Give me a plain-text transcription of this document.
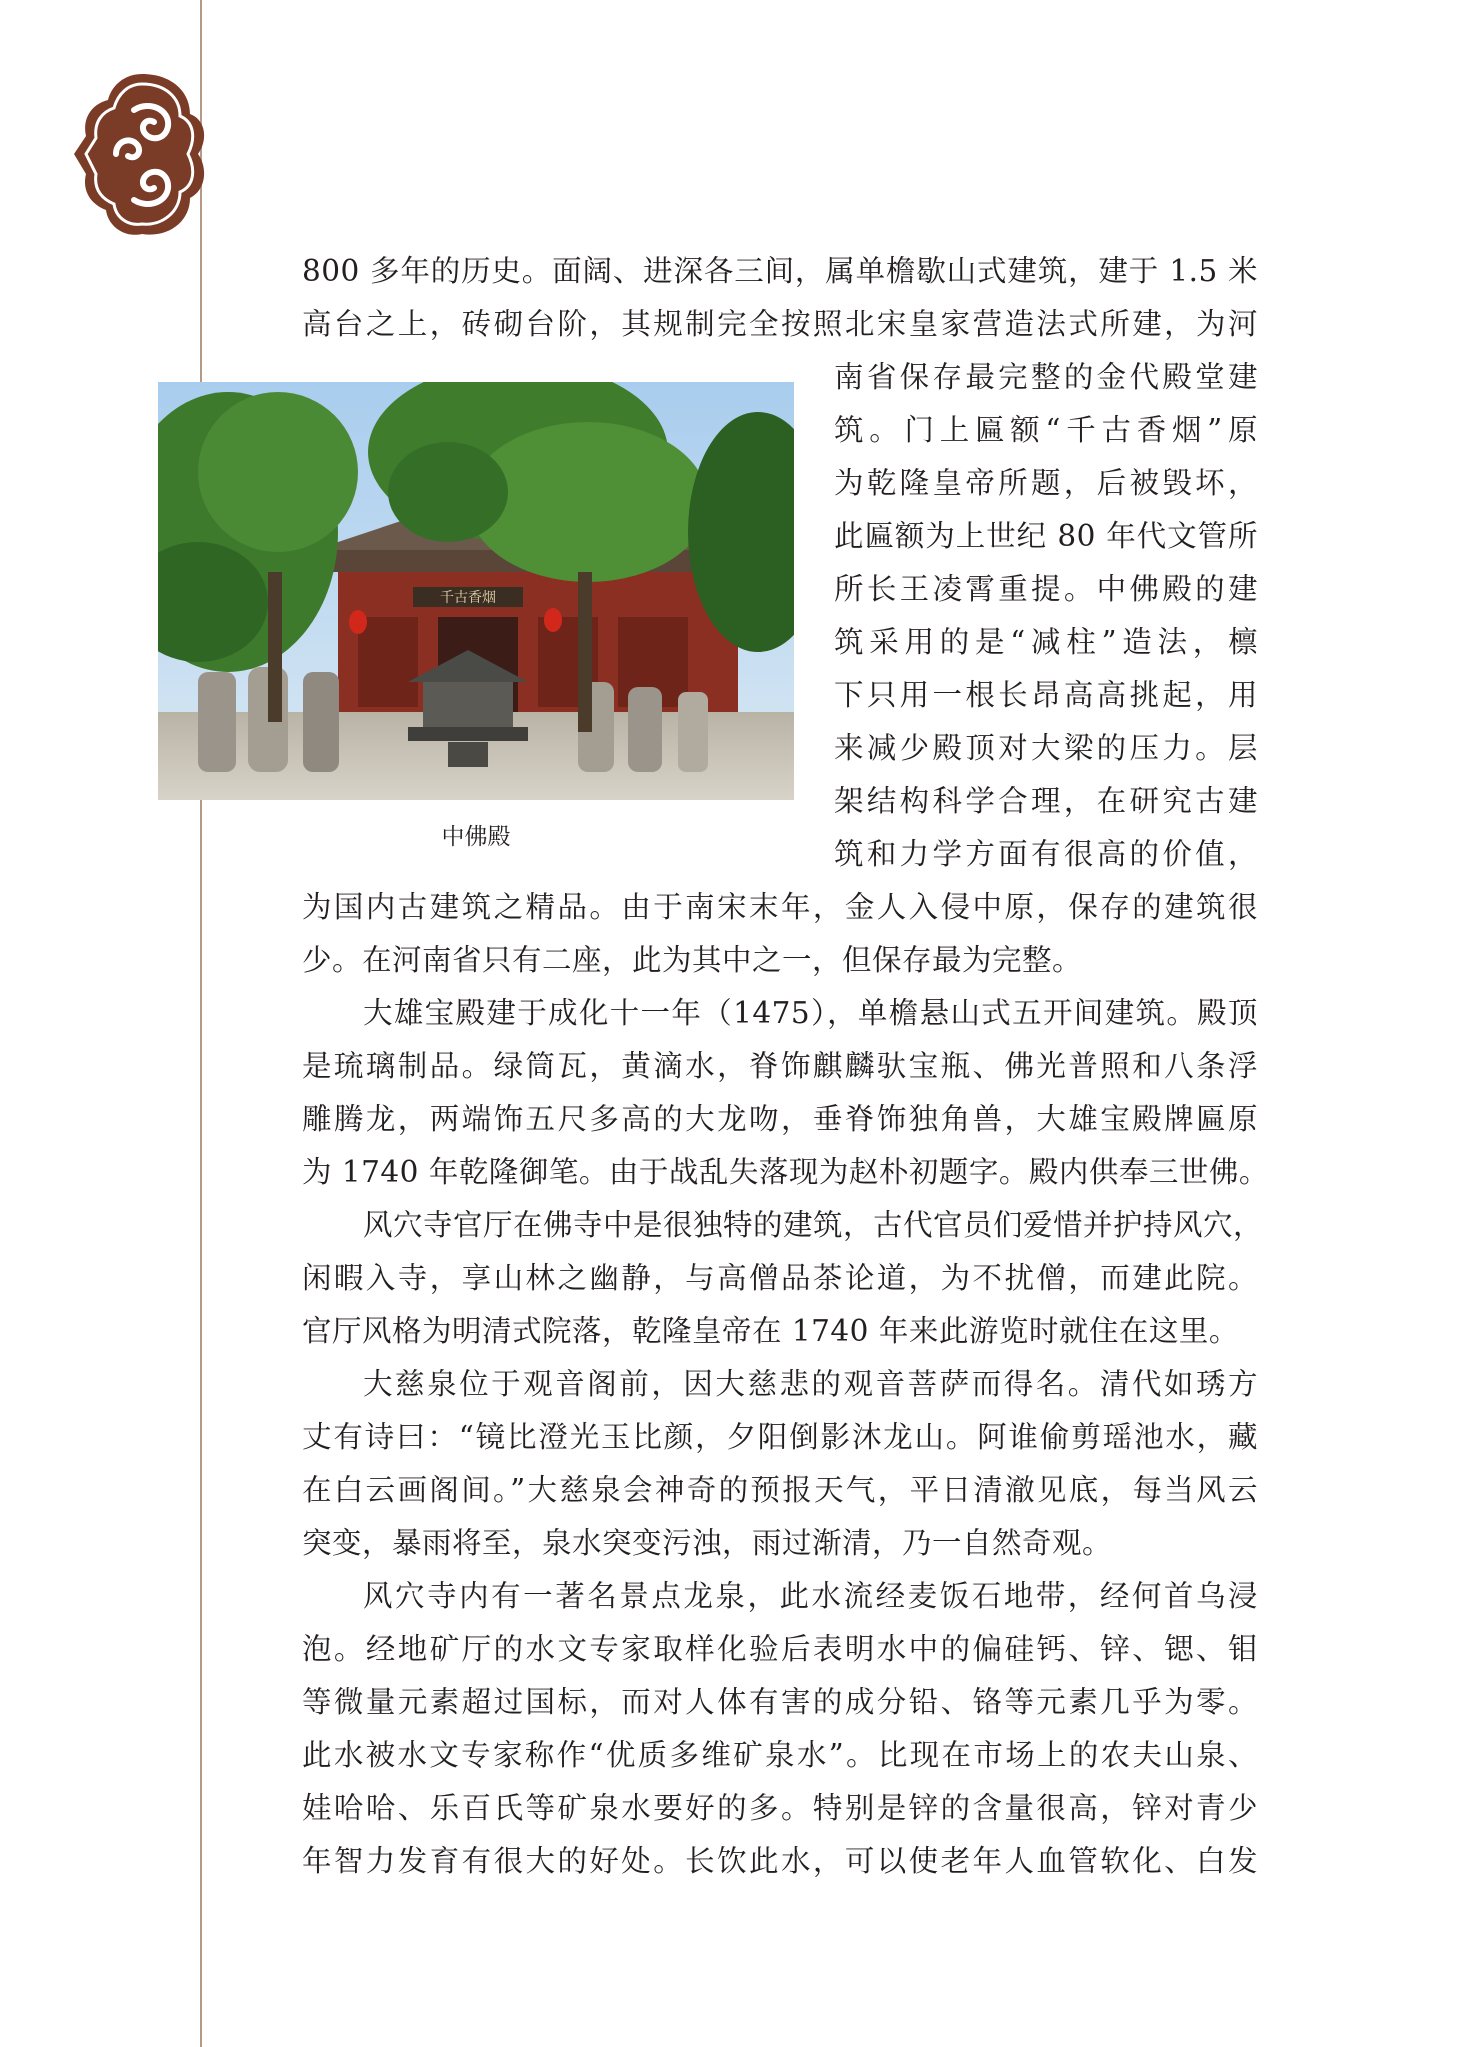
800 多年的历史。面阔、进深各三间，属单檐歇山式建筑，建于 1.5 米
高台之上，砖砌台阶，其规制完全按照北宋皇家营造法式所建，为河
南省保存最完整的金代殿堂建
筑。门上匾额“千古香烟”原
为乾隆皇帝所题，后被毁坏，
此匾额为上世纪 80 年代文管所
所长王凌霄重提。中佛殿的建
筑采用的是“减柱”造法，檩
下只用一根长昂高高挑起，用
来减少殿顶对大梁的压力。层
架结构科学合理，在研究古建
筑和力学方面有很高的价值，
为国内古建筑之精品。由于南宋末年，金人入侵中原，保存的建筑很
少。在河南省只有二座，此为其中之一，但保存最为完整。
大雄宝殿建于成化十一年（1475），单檐悬山式五开间建筑。殿顶
是琉璃制品。绿筒瓦，黄滴水，脊饰麒麟驮宝瓶、佛光普照和八条浮
雕腾龙，两端饰五尺多高的大龙吻，垂脊饰独角兽，大雄宝殿牌匾原
为 1740 年乾隆御笔。由于战乱失落现为赵朴初题字。殿内供奉三世佛。
风穴寺官厅在佛寺中是很独特的建筑，古代官员们爱惜并护持风穴，
闲暇入寺，享山林之幽静，与高僧品茶论道，为不扰僧，而建此院。
官厅风格为明清式院落，乾隆皇帝在 1740 年来此游览时就住在这里。
大慈泉位于观音阁前，因大慈悲的观音菩萨而得名。清代如琇方
丈有诗曰：“镜比澄光玉比颜，夕阳倒影沐龙山。阿谁偷剪瑶池水，藏
在白云画阁间。”大慈泉会神奇的预报天气，平日清澈见底，每当风云
突变，暴雨将至，泉水突变污浊，雨过渐清，乃一自然奇观。
风穴寺内有一著名景点龙泉，此水流经麦饭石地带，经何首乌浸
泡。经地矿厅的水文专家取样化验后表明水中的偏硅钙、锌、锶、钼
等微量元素超过国标，而对人体有害的成分铅、铬等元素几乎为零。
此水被水文专家称作“优质多维矿泉水”。比现在市场上的农夫山泉、
娃哈哈、乐百氏等矿泉水要好的多。特别是锌的含量很高，锌对青少
年智力发育有很大的好处。长饮此水，可以使老年人血管软化、白发
千古香烟
中佛殿
